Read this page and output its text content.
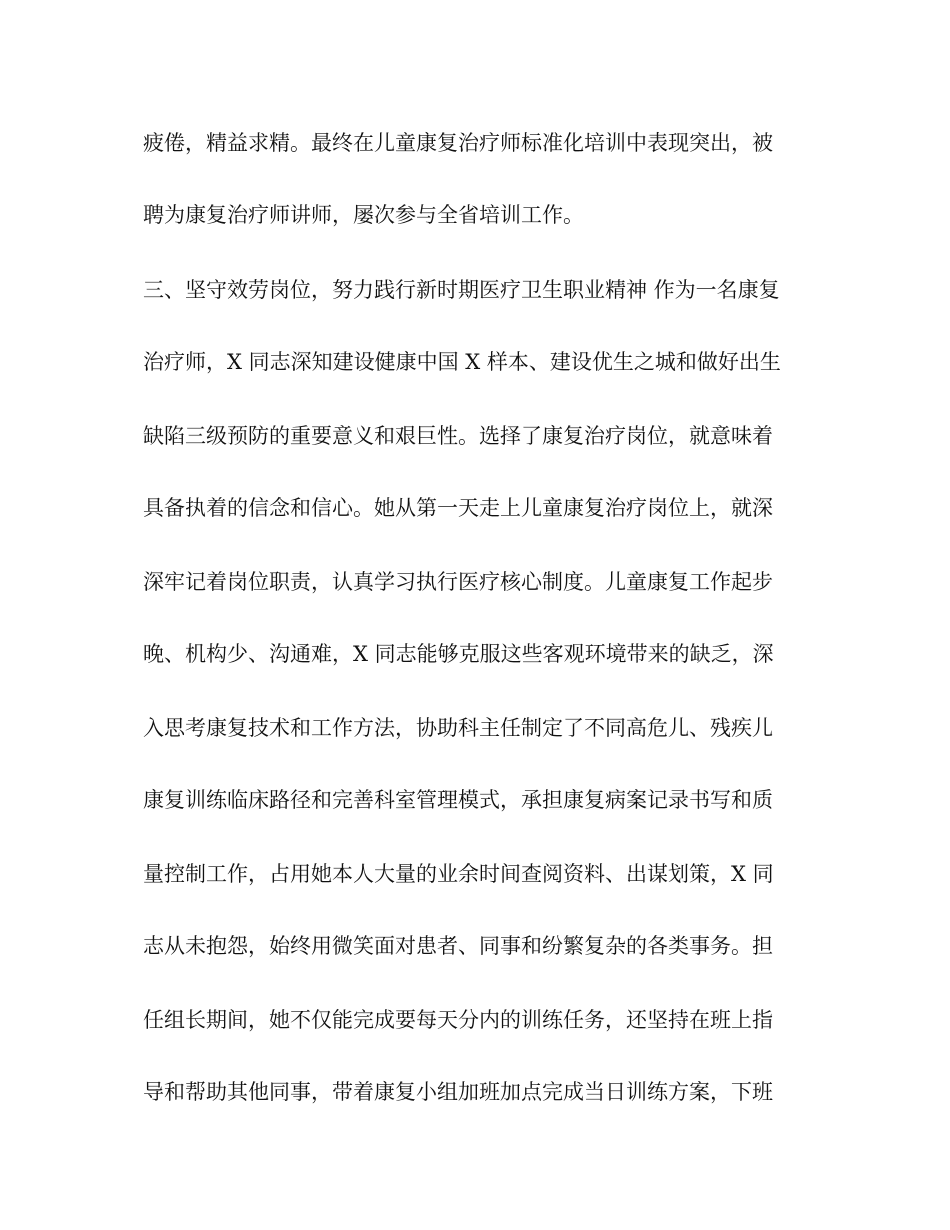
疲倦，精益求精。最终在儿童康复治疗师标准化培训中表现突出，被
聘为康复治疗师讲师，屡次参与全省培训工作。
三、坚守效劳岗位，努力践行新时期医疗卫生职业精神 作为一名康复
治疗师，X 同志深知建设健康中国 X 样本、建设优生之城和做好出生
缺陷三级预防的重要意义和艰巨性。选择了康复治疗岗位，就意味着
具备执着的信念和信心。她从第一天走上儿童康复治疗岗位上，就深
深牢记着岗位职责，认真学习执行医疗核心制度。儿童康复工作起步
晚、机构少、沟通难，X 同志能够克服这些客观环境带来的缺乏，深
入思考康复技术和工作方法，协助科主任制定了不同高危儿、残疾儿
康复训练临床路径和完善科室管理模式，承担康复病案记录书写和质
量控制工作，占用她本人大量的业余时间查阅资料、出谋划策，X 同
志从未抱怨，始终用微笑面对患者、同事和纷繁复杂的各类事务。担
任组长期间，她不仅能完成要每天分内的训练任务，还坚持在班上指
导和帮助其他同事，带着康复小组加班加点完成当日训练方案，下班
